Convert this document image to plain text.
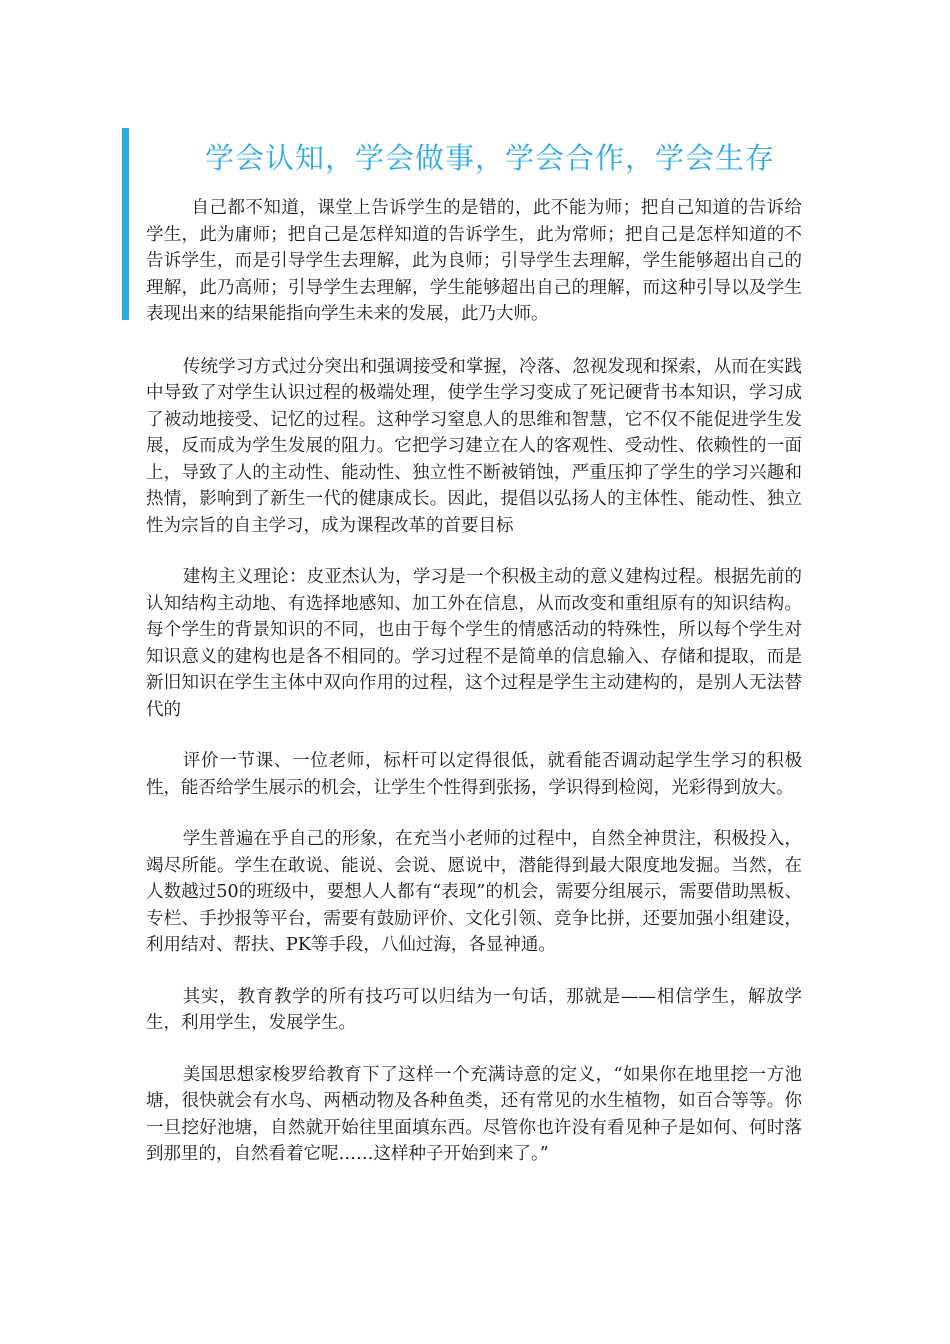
学会认知，学会做事，学会合作，学会生存

自己都不知道，课堂上告诉学生的是错的，此不能为师；把自己知道的告诉给学生，此为庸师；把自己是怎样知道的告诉学生，此为常师；把自己是怎样知道的不告诉学生，而是引导学生去理解，此为良师；引导学生去理解，学生能够超出自己的理解，此乃高师；引导学生去理解，学生能够超出自己的理解，而这种引导以及学生表现出来的结果能指向学生未来的发展，此乃大师。

传统学习方式过分突出和强调接受和掌握，冷落、忽视发现和探索，从而在实践中导致了对学生认识过程的极端处理，使学生学习变成了死记硬背书本知识，学习成了被动地接受、记忆的过程。这种学习窒息人的思维和智慧，它不仅不能促进学生发展，反而成为学生发展的阻力。它把学习建立在人的客观性、受动性、依赖性的一面上，导致了人的主动性、能动性、独立性不断被销蚀，严重压抑了学生的学习兴趣和热情，影响到了新生一代的健康成长。因此，提倡以弘扬人的主体性、能动性、独立性为宗旨的自主学习，成为课程改革的首要目标

建构主义理论：皮亚杰认为，学习是一个积极主动的意义建构过程。根据先前的认知结构主动地、有选择地感知、加工外在信息，从而改变和重组原有的知识结构。每个学生的背景知识的不同，也由于每个学生的情感活动的特殊性，所以每个学生对知识意义的建构也是各不相同的。学习过程不是简单的信息输入、存储和提取，而是新旧知识在学生主体中双向作用的过程，这个过程是学生主动建构的，是别人无法替代的

评价一节课、一位老师，标杆可以定得很低，就看能否调动起学生学习的积极性，能否给学生展示的机会，让学生个性得到张扬，学识得到检阅，光彩得到放大。

学生普遍在乎自己的形象，在充当小老师的过程中，自然全神贯注，积极投入，竭尽所能。学生在敢说、能说、会说、愿说中，潜能得到最大限度地发掘。当然，在人数越过50的班级中，要想人人都有“表现”的机会，需要分组展示，需要借助黑板、专栏、手抄报等平台，需要有鼓励评价、文化引领、竞争比拼，还要加强小组建设，利用结对、帮扶、PK等手段，八仙过海，各显神通。

其实，教育教学的所有技巧可以归结为一句话，那就是——相信学生，解放学生，利用学生，发展学生。

美国思想家梭罗给教育下了这样一个充满诗意的定义，“如果你在地里挖一方池塘，很快就会有水鸟、两栖动物及各种鱼类，还有常见的水生植物，如百合等等。你一旦挖好池塘，自然就开始往里面填东西。尽管你也许没有看见种子是如何、何时落到那里的，自然看着它呢……这样种子开始到来了。”
